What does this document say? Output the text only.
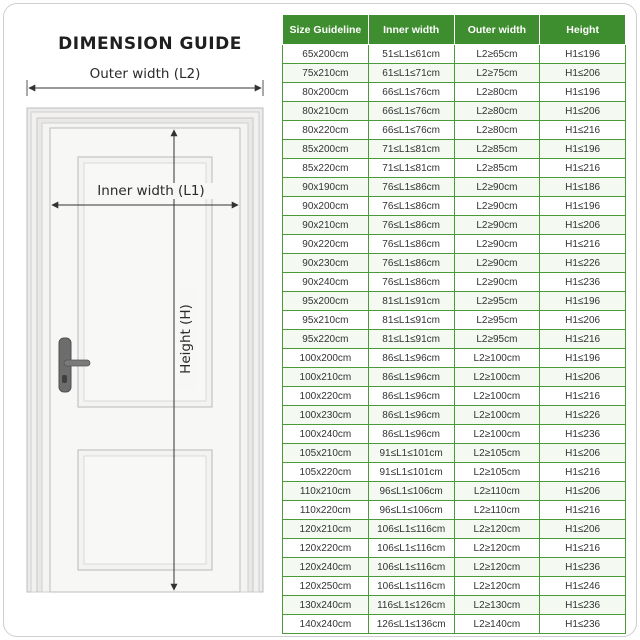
DIMENSION GUIDE
Outer width (L2)
Inner width (L1)
Height (H)
Size Guideline	Inner width	Outer width	Height
65x200cm	51≤L1≤61cm	L2≥65cm	H1≤196
75x210cm	61≤L1≤71cm	L2≥75cm	H1≤206
80x200cm	66≤L1≤76cm	L2≥80cm	H1≤196
80x210cm	66≤L1≤76cm	L2≥80cm	H1≤206
80x220cm	66≤L1≤76cm	L2≥80cm	H1≤216
85x200cm	71≤L1≤81cm	L2≥85cm	H1≤196
85x220cm	71≤L1≤81cm	L2≥85cm	H1≤216
90x190cm	76≤L1≤86cm	L2≥90cm	H1≤186
90x200cm	76≤L1≤86cm	L2≥90cm	H1≤196
90x210cm	76≤L1≤86cm	L2≥90cm	H1≤206
90x220cm	76≤L1≤86cm	L2≥90cm	H1≤216
90x230cm	76≤L1≤86cm	L2≥90cm	H1≤226
90x240cm	76≤L1≤86cm	L2≥90cm	H1≤236
95x200cm	81≤L1≤91cm	L2≥95cm	H1≤196
95x210cm	81≤L1≤91cm	L2≥95cm	H1≤206
95x220cm	81≤L1≤91cm	L2≥95cm	H1≤216
100x200cm	86≤L1≤96cm	L2≥100cm	H1≤196
100x210cm	86≤L1≤96cm	L2≥100cm	H1≤206
100x220cm	86≤L1≤96cm	L2≥100cm	H1≤216
100x230cm	86≤L1≤96cm	L2≥100cm	H1≤226
100x240cm	86≤L1≤96cm	L2≥100cm	H1≤236
105x210cm	91≤L1≤101cm	L2≥105cm	H1≤206
105x220cm	91≤L1≤101cm	L2≥105cm	H1≤216
110x210cm	96≤L1≤106cm	L2≥110cm	H1≤206
110x220cm	96≤L1≤106cm	L2≥110cm	H1≤216
120x210cm	106≤L1≤116cm	L2≥120cm	H1≤206
120x220cm	106≤L1≤116cm	L2≥120cm	H1≤216
120x240cm	106≤L1≤116cm	L2≥120cm	H1≤236
120x250cm	106≤L1≤116cm	L2≥120cm	H1≤246
130x240cm	116≤L1≤126cm	L2≥130cm	H1≤236
140x240cm	126≤L1≤136cm	L2≥140cm	H1≤236
